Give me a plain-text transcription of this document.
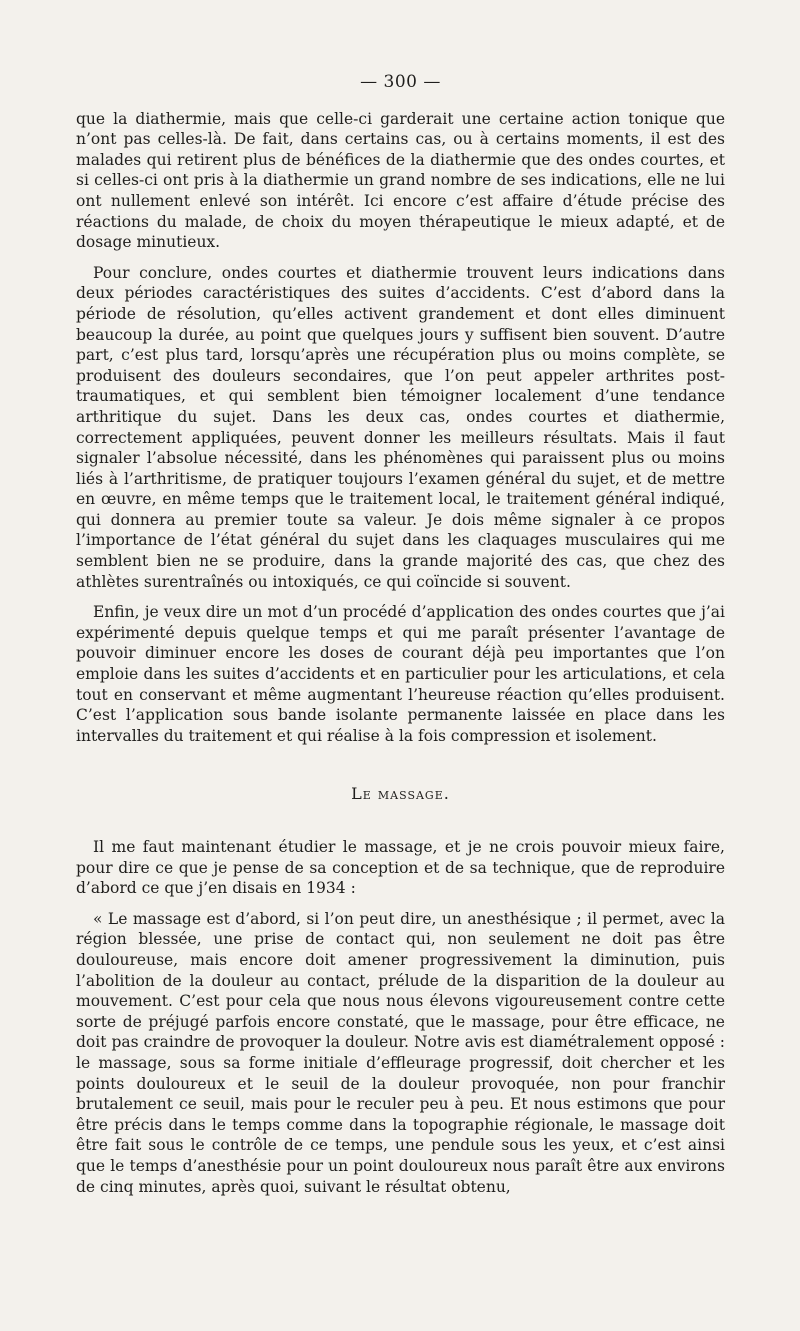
— 300 —

que la diathermie, mais que celle-ci garderait une certaine action tonique que n’ont pas celles-là. De fait, dans certains cas, ou à certains moments, il est des malades qui retirent plus de bénéfices de la diathermie que des ondes courtes, et si celles-ci ont pris à la diathermie un grand nombre de ses indications, elle ne lui ont nullement enlevé son intérêt. Ici encore c’est affaire d’étude précise des réactions du malade, de choix du moyen thérapeutique le mieux adapté, et de dosage minutieux.

Pour conclure, ondes courtes et diathermie trouvent leurs indications dans deux périodes caractéristiques des suites d’accidents. C’est d’abord dans la période de résolution, qu’elles activent grandement et dont elles diminuent beaucoup la durée, au point que quelques jours y suffisent bien souvent. D’autre part, c’est plus tard, lorsqu’après une récupération plus ou moins complète, se produisent des douleurs secondaires, que l’on peut appeler arthrites post-traumatiques, et qui semblent bien témoigner localement d’une tendance arthritique du sujet. Dans les deux cas, ondes courtes et diathermie, correctement appliquées, peuvent donner les meilleurs résultats. Mais il faut signaler l’absolue nécessité, dans les phénomènes qui paraissent plus ou moins liés à l’arthritisme, de pratiquer toujours l’examen général du sujet, et de mettre en œuvre, en même temps que le traitement local, le traitement général indiqué, qui donnera au premier toute sa valeur. Je dois même signaler à ce propos l’importance de l’état général du sujet dans les claquages musculaires qui me semblent bien ne se produire, dans la grande majorité des cas, que chez des athlètes surentraînés ou intoxiqués, ce qui coïncide si souvent.

Enfin, je veux dire un mot d’un procédé d’application des ondes courtes que j’ai expérimenté depuis quelque temps et qui me paraît présenter l’avantage de pouvoir diminuer encore les doses de courant déjà peu importantes que l’on emploie dans les suites d’accidents et en particulier pour les articulations, et cela tout en conservant et même augmentant l’heureuse réaction qu’elles produisent. C’est l’application sous bande isolante permanente laissée en place dans les intervalles du traitement et qui réalise à la fois compression et isolement.

Le massage.

Il me faut maintenant étudier le massage, et je ne crois pouvoir mieux faire, pour dire ce que je pense de sa conception et de sa technique, que de reproduire d’abord ce que j’en disais en 1934 :

« Le massage est d’abord, si l’on peut dire, un anesthésique ; il permet, avec la région blessée, une prise de contact qui, non seulement ne doit pas être douloureuse, mais encore doit amener progressivement la diminution, puis l’abolition de la douleur au contact, prélude de la disparition de la douleur au mouvement. C’est pour cela que nous nous élevons vigoureusement contre cette sorte de préjugé parfois encore constaté, que le massage, pour être efficace, ne doit pas craindre de provoquer la douleur. Notre avis est diamétralement opposé : le massage, sous sa forme initiale d’effleurage progressif, doit chercher et les points douloureux et le seuil de la douleur provoquée, non pour franchir brutalement ce seuil, mais pour le reculer peu à peu. Et nous estimons que pour être précis dans le temps comme dans la topographie régionale, le massage doit être fait sous le contrôle de ce temps, une pendule sous les yeux, et c’est ainsi que le temps d’anesthésie pour un point douloureux nous paraît être aux environs de cinq minutes, après quoi, suivant le résultat obtenu,
